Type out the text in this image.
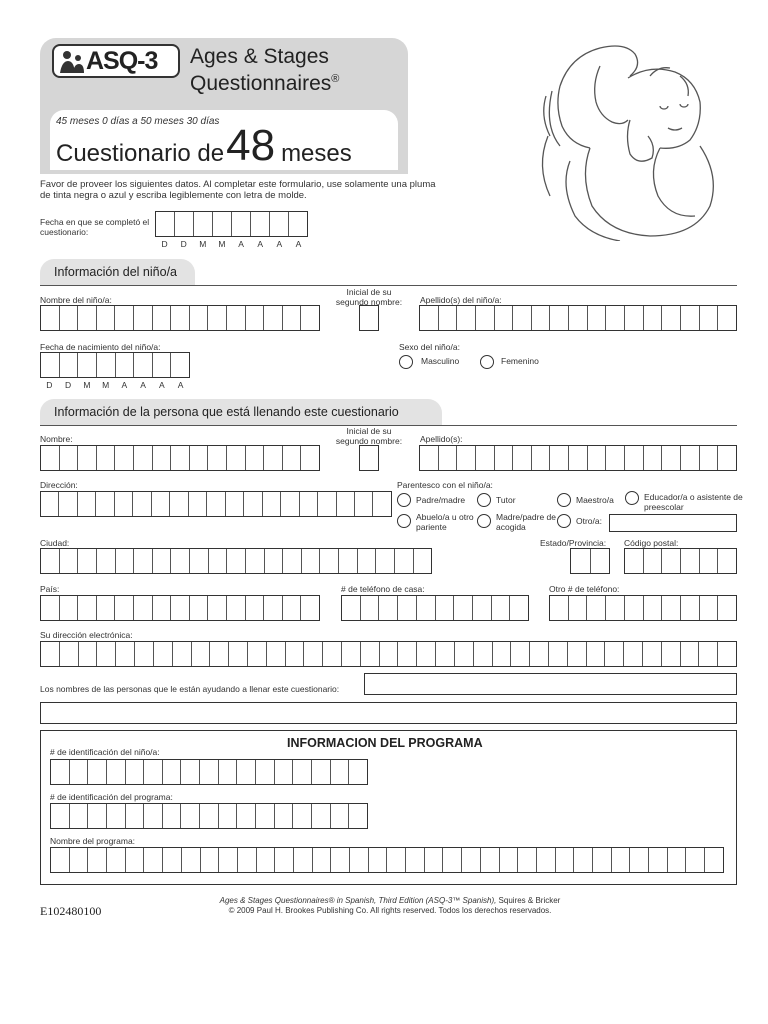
ASQ-3 Ages & Stages
Questionnaires®
45 meses 0 días a 50 meses 30 días
Cuestionario de 48 meses
Favor de proveer los siguientes datos. Al completar este formulario, use solamente una pluma de tinta negra o azul y escriba legiblemente con letra de molde.
Fecha en que se completó el cuestionario:
D	D	M	M	A	A	A	A
Información del niño/a
Nombre del niño/a:
Inicial de su segundo nombre:	Apellido(s) del niño/a:
Fecha de nacimiento del niño/a:
D	D	M	M	A	A	A	A
Sexo del niño/a:
Masculino	Femenino
Información de la persona que está llenando este cuestionario
Nombre:
Inicial de su segundo nombre:	Apellido(s):
Dirección:	Parentesco con el niño/a:
Padre/madre	Tutor	Maestro/a	Educador/a o asistente de preescolar
Abuelo/a u otro pariente
Madre/padre de acogida
Otro/a:
Ciudad:	Estado/Provincia: Código postal:
País:	# de teléfono de casa:	Otro # de teléfono:
Su dirección electrónica:
Los nombres de las personas que le están ayudando a llenar este cuestionario:
INFORMACION DEL PROGRAMA
# de identificación del niño/a:
# de identificación del programa:
Nombre del programa:
E102480100
Ages & Stages Questionnaires® in Spanish, Third Edition (ASQ-3™ Spanish), Squires & Bricker
© 2009 Paul H. Brookes Publishing Co. All rights reserved. Todos los derechos reservados.
